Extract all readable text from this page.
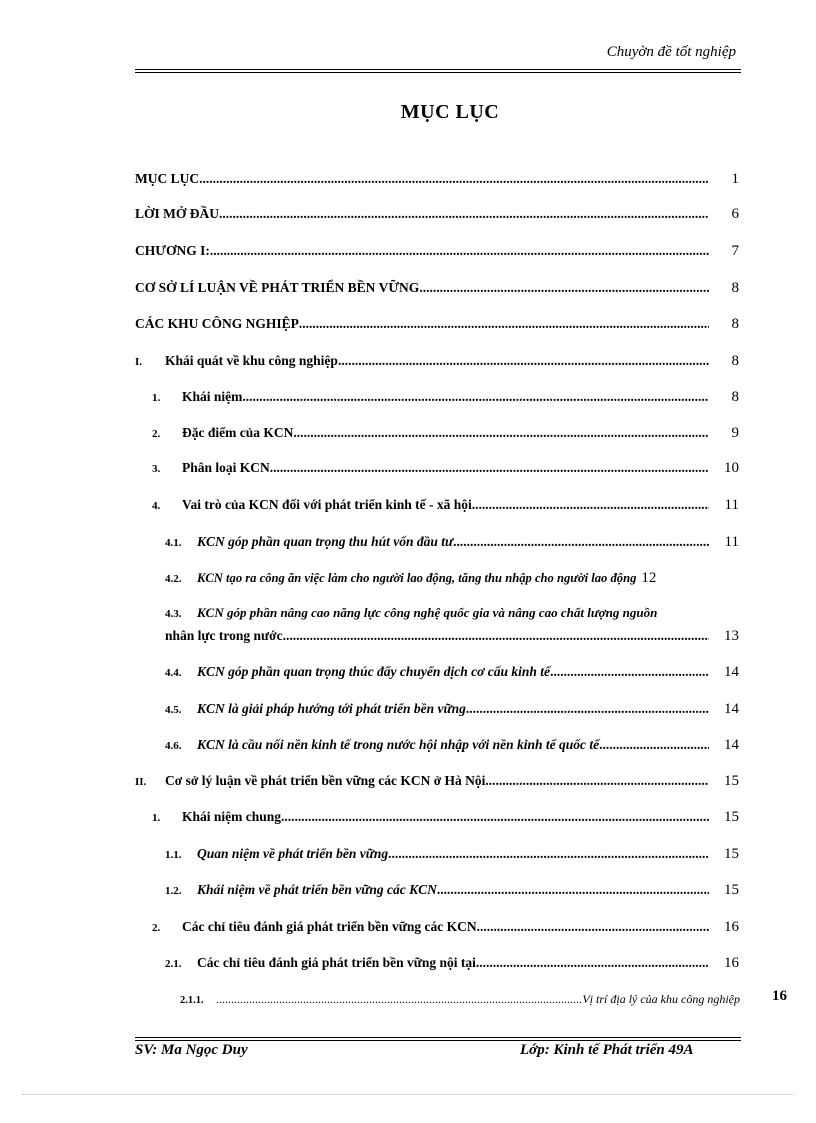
Chuyờn đề tốt nghiệp
MỤC LỤC
MỤC LỤC .....	1
LỜI MỞ ĐẦU .....	6
CHƯƠNG I: .....	7
CƠ SỞ LÍ LUẬN VỀ PHÁT TRIỂN BỀN VỮNG .....	8
CÁC KHU CÔNG NGHIỆP .....	8
I.	Khái quát về khu công nghiệp .....	8
1.	Khái niệm .....	8
2.	Đặc điểm của KCN .....	9
3.	Phân loại KCN .....	10
4.	Vai trò của KCN đối với phát triển kinh tế - xã hội .....	11
4.1.	KCN góp phần quan trọng thu hút vốn đầu tư .....	11
4.2.	KCN tạo ra công ăn việc làm cho người lao động, tăng thu nhập cho người lao động 12
4.3. KCN góp phần nâng cao năng lực công nghệ quốc gia và nâng cao chất lượng nguồn
nhân lực trong nước .....	13
4.4.	KCN góp phần quan trọng thúc đẩy chuyển dịch cơ cấu kinh tế .....	14
4.5.	KCN là giải pháp hướng tới phát triển bền vững .....	14
4.6.	KCN là cầu nối nền kinh tế trong nước hội nhập với nền kinh tế quốc tế .....	14
II.	Cơ sở lý luận về phát triển bền vững các KCN ở Hà Nội .....	15
1.	Khái niệm chung .....	15
1.1.	Quan niệm về phát triển bền vững .....	15
1.2.	Khái niệm về phát triển bền vững các KCN .....	15
2.	Các chỉ tiêu đánh giá phát triển bền vững các KCN .....	16
2.1.	Các chỉ tiêu đánh giá phát triển bền vững nội tại .....	16
2.1.1. .....	Vị trí địa lý của khu công nghiệp 16
SV: Ma Ngọc Duy	Lớp: Kinh tế Phát triển 49A
